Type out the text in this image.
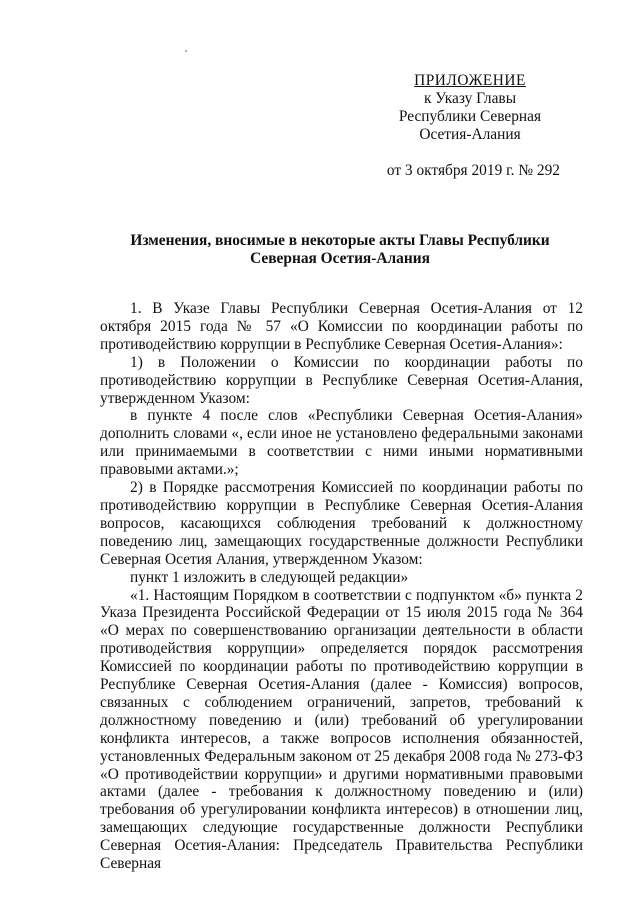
ПРИЛОЖЕНИЕ
к Указу Главы
Республики Северная
Осетия-Алания
от 3 октября 2019 г. № 292
Изменения, вносимые в некоторые акты Главы Республики
Северная Осетия-Алания

1. В Указе Главы Республики Северная Осетия-Алания от 12 октября 2015 года № 57 «О Комиссии по координации работы по противодействию коррупции в Республике Северная Осетия-Алания»:

1) в Положении о Комиссии по координации работы по противодействию коррупции в Республике Северная Осетия-Алания, утвержденном Указом:

в пункте 4 после слов «Республики Северная Осетия-Алания» дополнить словами «, если иное не установлено федеральными законами или принимаемыми в соответствии с ними иными нормативными правовыми актами.»;

2) в Порядке рассмотрения Комиссией по координации работы по противодействию коррупции в Республике Северная Осетия-Алания вопросов, касающихся соблюдения требований к должностному поведению лиц, замещающих государственные должности Республики Северная Осетия Алания, утвержденном Указом:

пункт 1 изложить в следующей редакции»

«1. Настоящим Порядком в соответствии с подпунктом «б» пункта 2 Указа Президента Российской Федерации от 15 июля 2015 года № 364 «О мерах по совершенствованию организации деятельности в области противодействия коррупции» определяется порядок рассмотрения Комиссией по координации работы по противодействию коррупции в Республике Северная Осетия-Алания (далее - Комиссия) вопросов, связанных с соблюдением ограничений, запретов, требований к должностному поведению и (или) требований об урегулировании конфликта интересов, а также вопросов исполнения обязанностей, установленных Федеральным законом от 25 декабря 2008 года № 273-ФЗ «О противодействии коррупции» и другими нормативными правовыми актами (далее - требования к должностному поведению и (или) требования об урегулировании конфликта интересов) в отношении лиц, замещающих следующие государственные должности Республики Северная Осетия-Алания: Председатель Правительства Республики Северная
